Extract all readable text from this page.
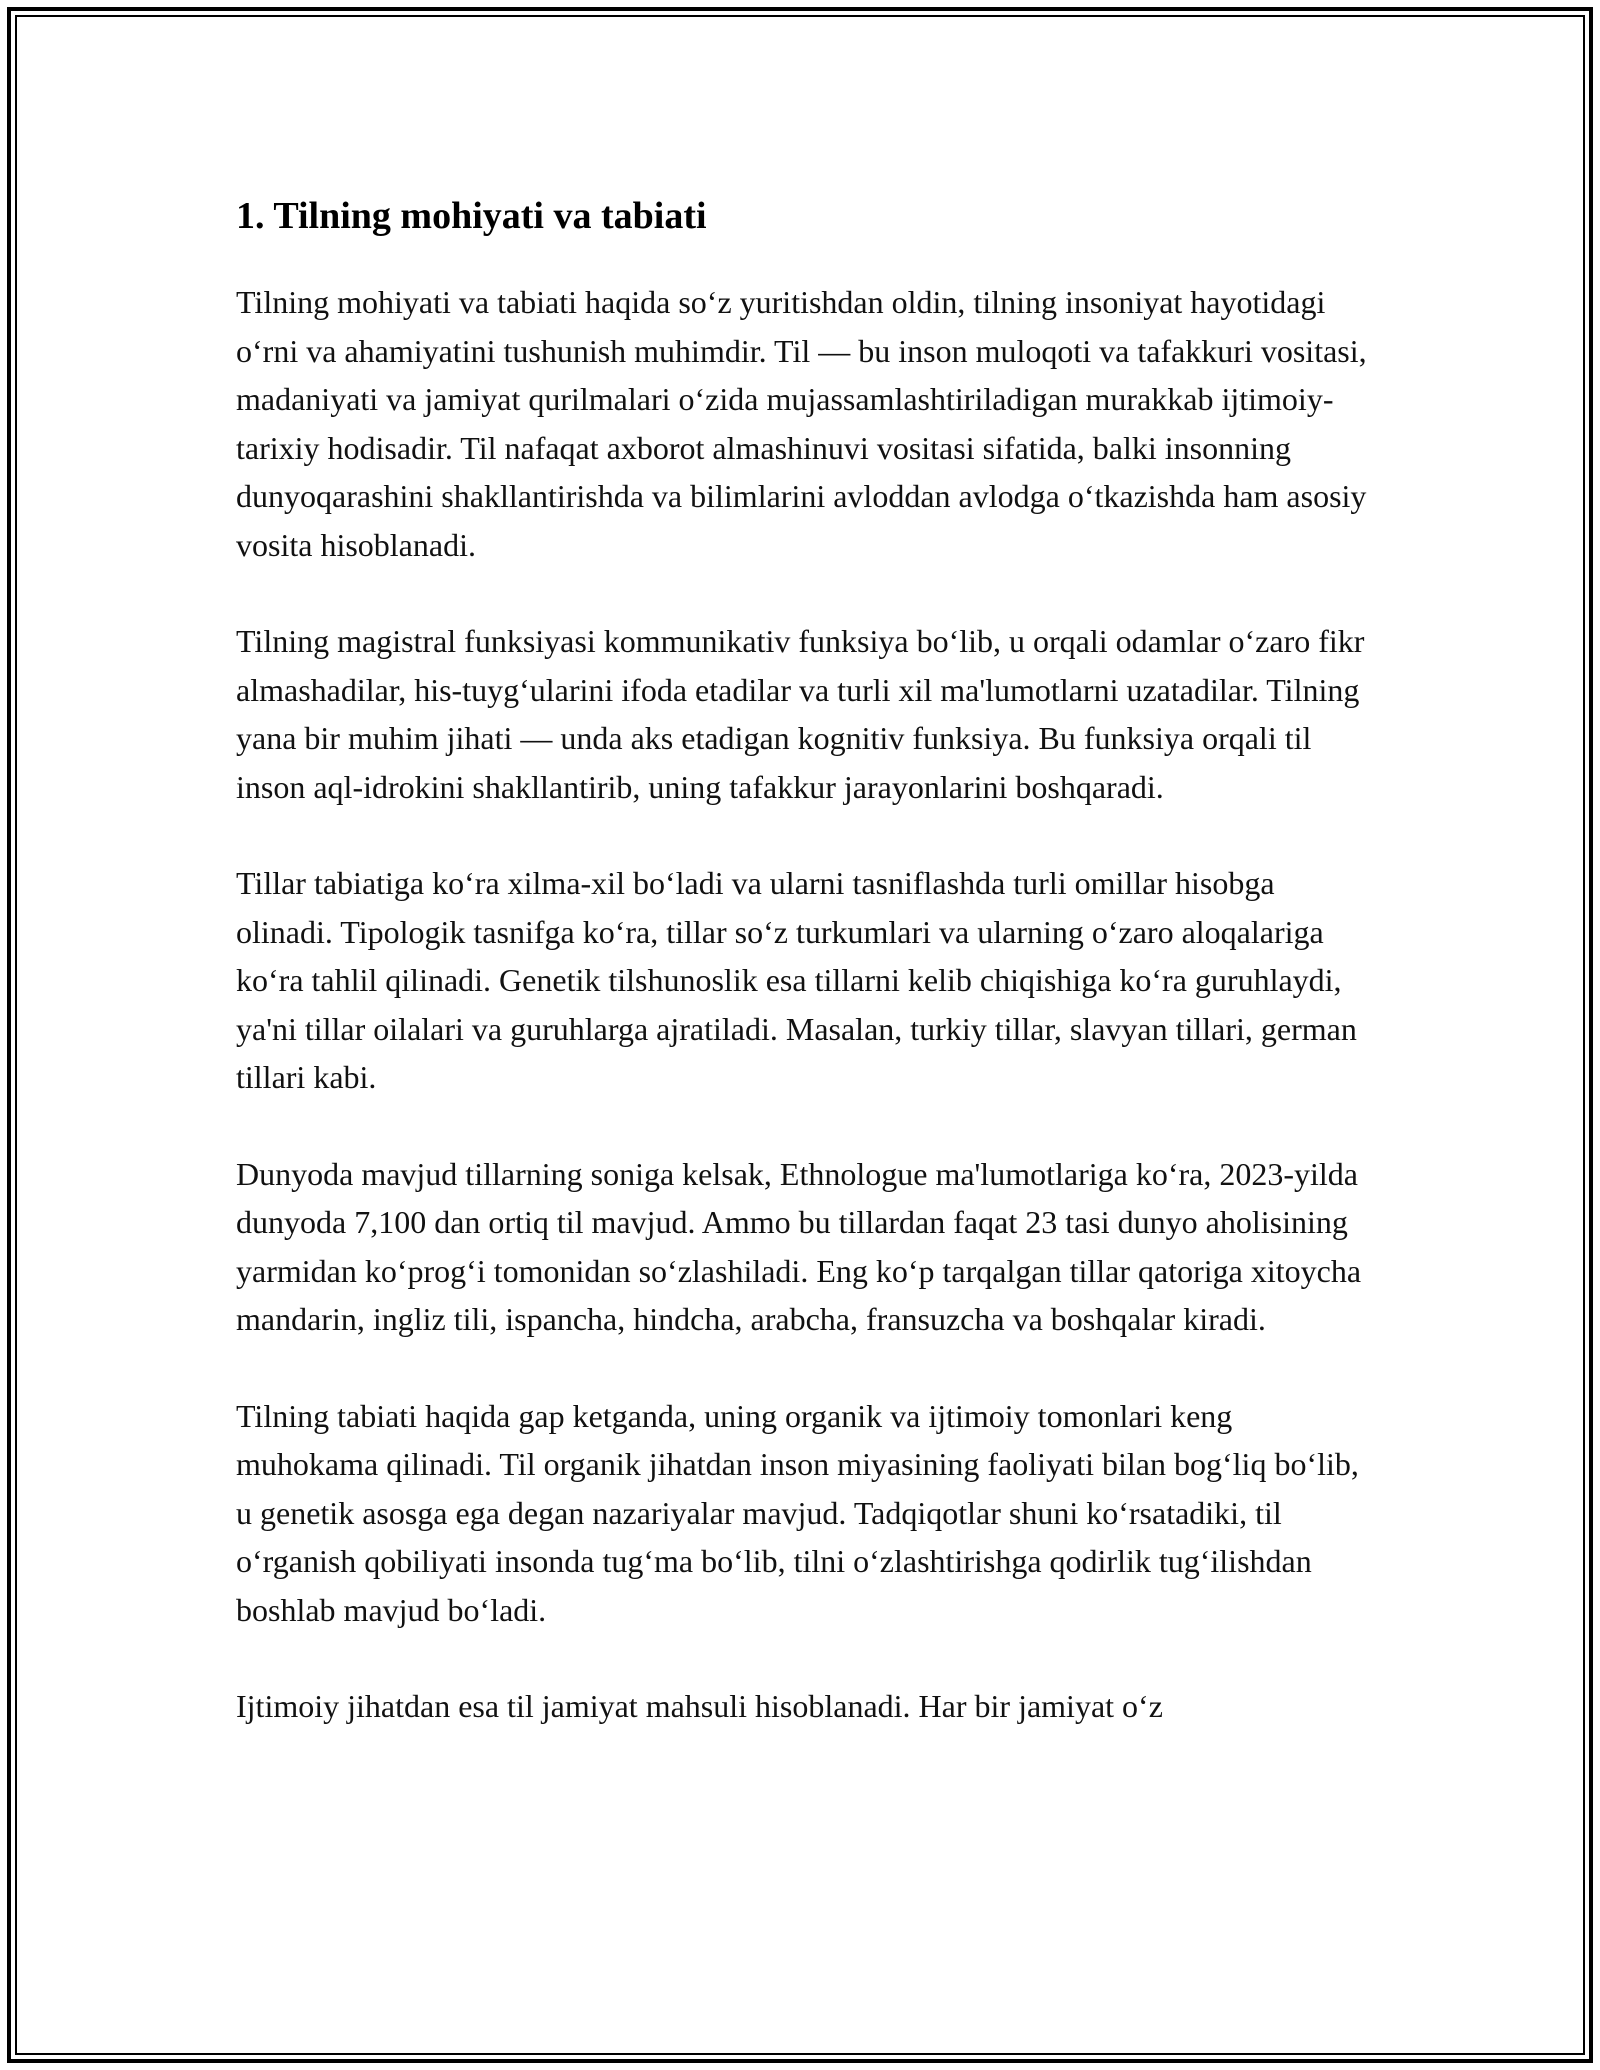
1. Tilning mohiyati va tabiati

Tilning mohiyati va tabiati haqida so‘z yuritishdan oldin, tilning insoniyat hayotidagi o‘rni va ahamiyatini tushunish muhimdir. Til — bu inson muloqoti va tafakkuri vositasi, madaniyati va jamiyat qurilmalari o‘zida mujassamlashtiriladigan murakkab ijtimoiy-tarixiy hodisadir. Til nafaqat axborot almashinuvi vositasi sifatida, balki insonning dunyoqarashini shakllantirishda va bilimlarini avloddan avlodga o‘tkazishda ham asosiy vosita hisoblanadi.

Tilning magistral funksiyasi kommunikativ funksiya bo‘lib, u orqali odamlar o‘zaro fikr almashadilar, his-tuyg‘ularini ifoda etadilar va turli xil ma'lumotlarni uzatadilar. Tilning yana bir muhim jihati — unda aks etadigan kognitiv funksiya. Bu funksiya orqali til inson aql-idrokini shakllantirib, uning tafakkur jarayonlarini boshqaradi.

Tillar tabiatiga ko‘ra xilma-xil bo‘ladi va ularni tasniflashda turli omillar hisobga olinadi. Tipologik tasnifga ko‘ra, tillar so‘z turkumlari va ularning o‘zaro aloqalariga ko‘ra tahlil qilinadi. Genetik tilshunoslik esa tillarni kelib chiqishiga ko‘ra guruhlaydi, ya'ni tillar oilalari va guruhlarga ajratiladi. Masalan, turkiy tillar, slavyan tillari, german tillari kabi.

Dunyoda mavjud tillarning soniga kelsak, Ethnologue ma'lumotlariga ko‘ra, 2023-yilda dunyoda 7,100 dan ortiq til mavjud. Ammo bu tillardan faqat 23 tasi dunyo aholisining yarmidan ko‘prog‘i tomonidan so‘zlashiladi. Eng ko‘p tarqalgan tillar qatoriga xitoycha mandarin, ingliz tili, ispancha, hindcha, arabcha, fransuzcha va boshqalar kiradi.

Tilning tabiati haqida gap ketganda, uning organik va ijtimoiy tomonlari keng muhokama qilinadi. Til organik jihatdan inson miyasining faoliyati bilan bog‘liq bo‘lib, u genetik asosga ega degan nazariyalar mavjud. Tadqiqotlar shuni ko‘rsatadiki, til o‘rganish qobiliyati insonda tug‘ma bo‘lib, tilni o‘zlashtirishga qodirlik tug‘ilishdan boshlab mavjud bo‘ladi.

Ijtimoiy jihatdan esa til jamiyat mahsuli hisoblanadi. Har bir jamiyat o‘z
